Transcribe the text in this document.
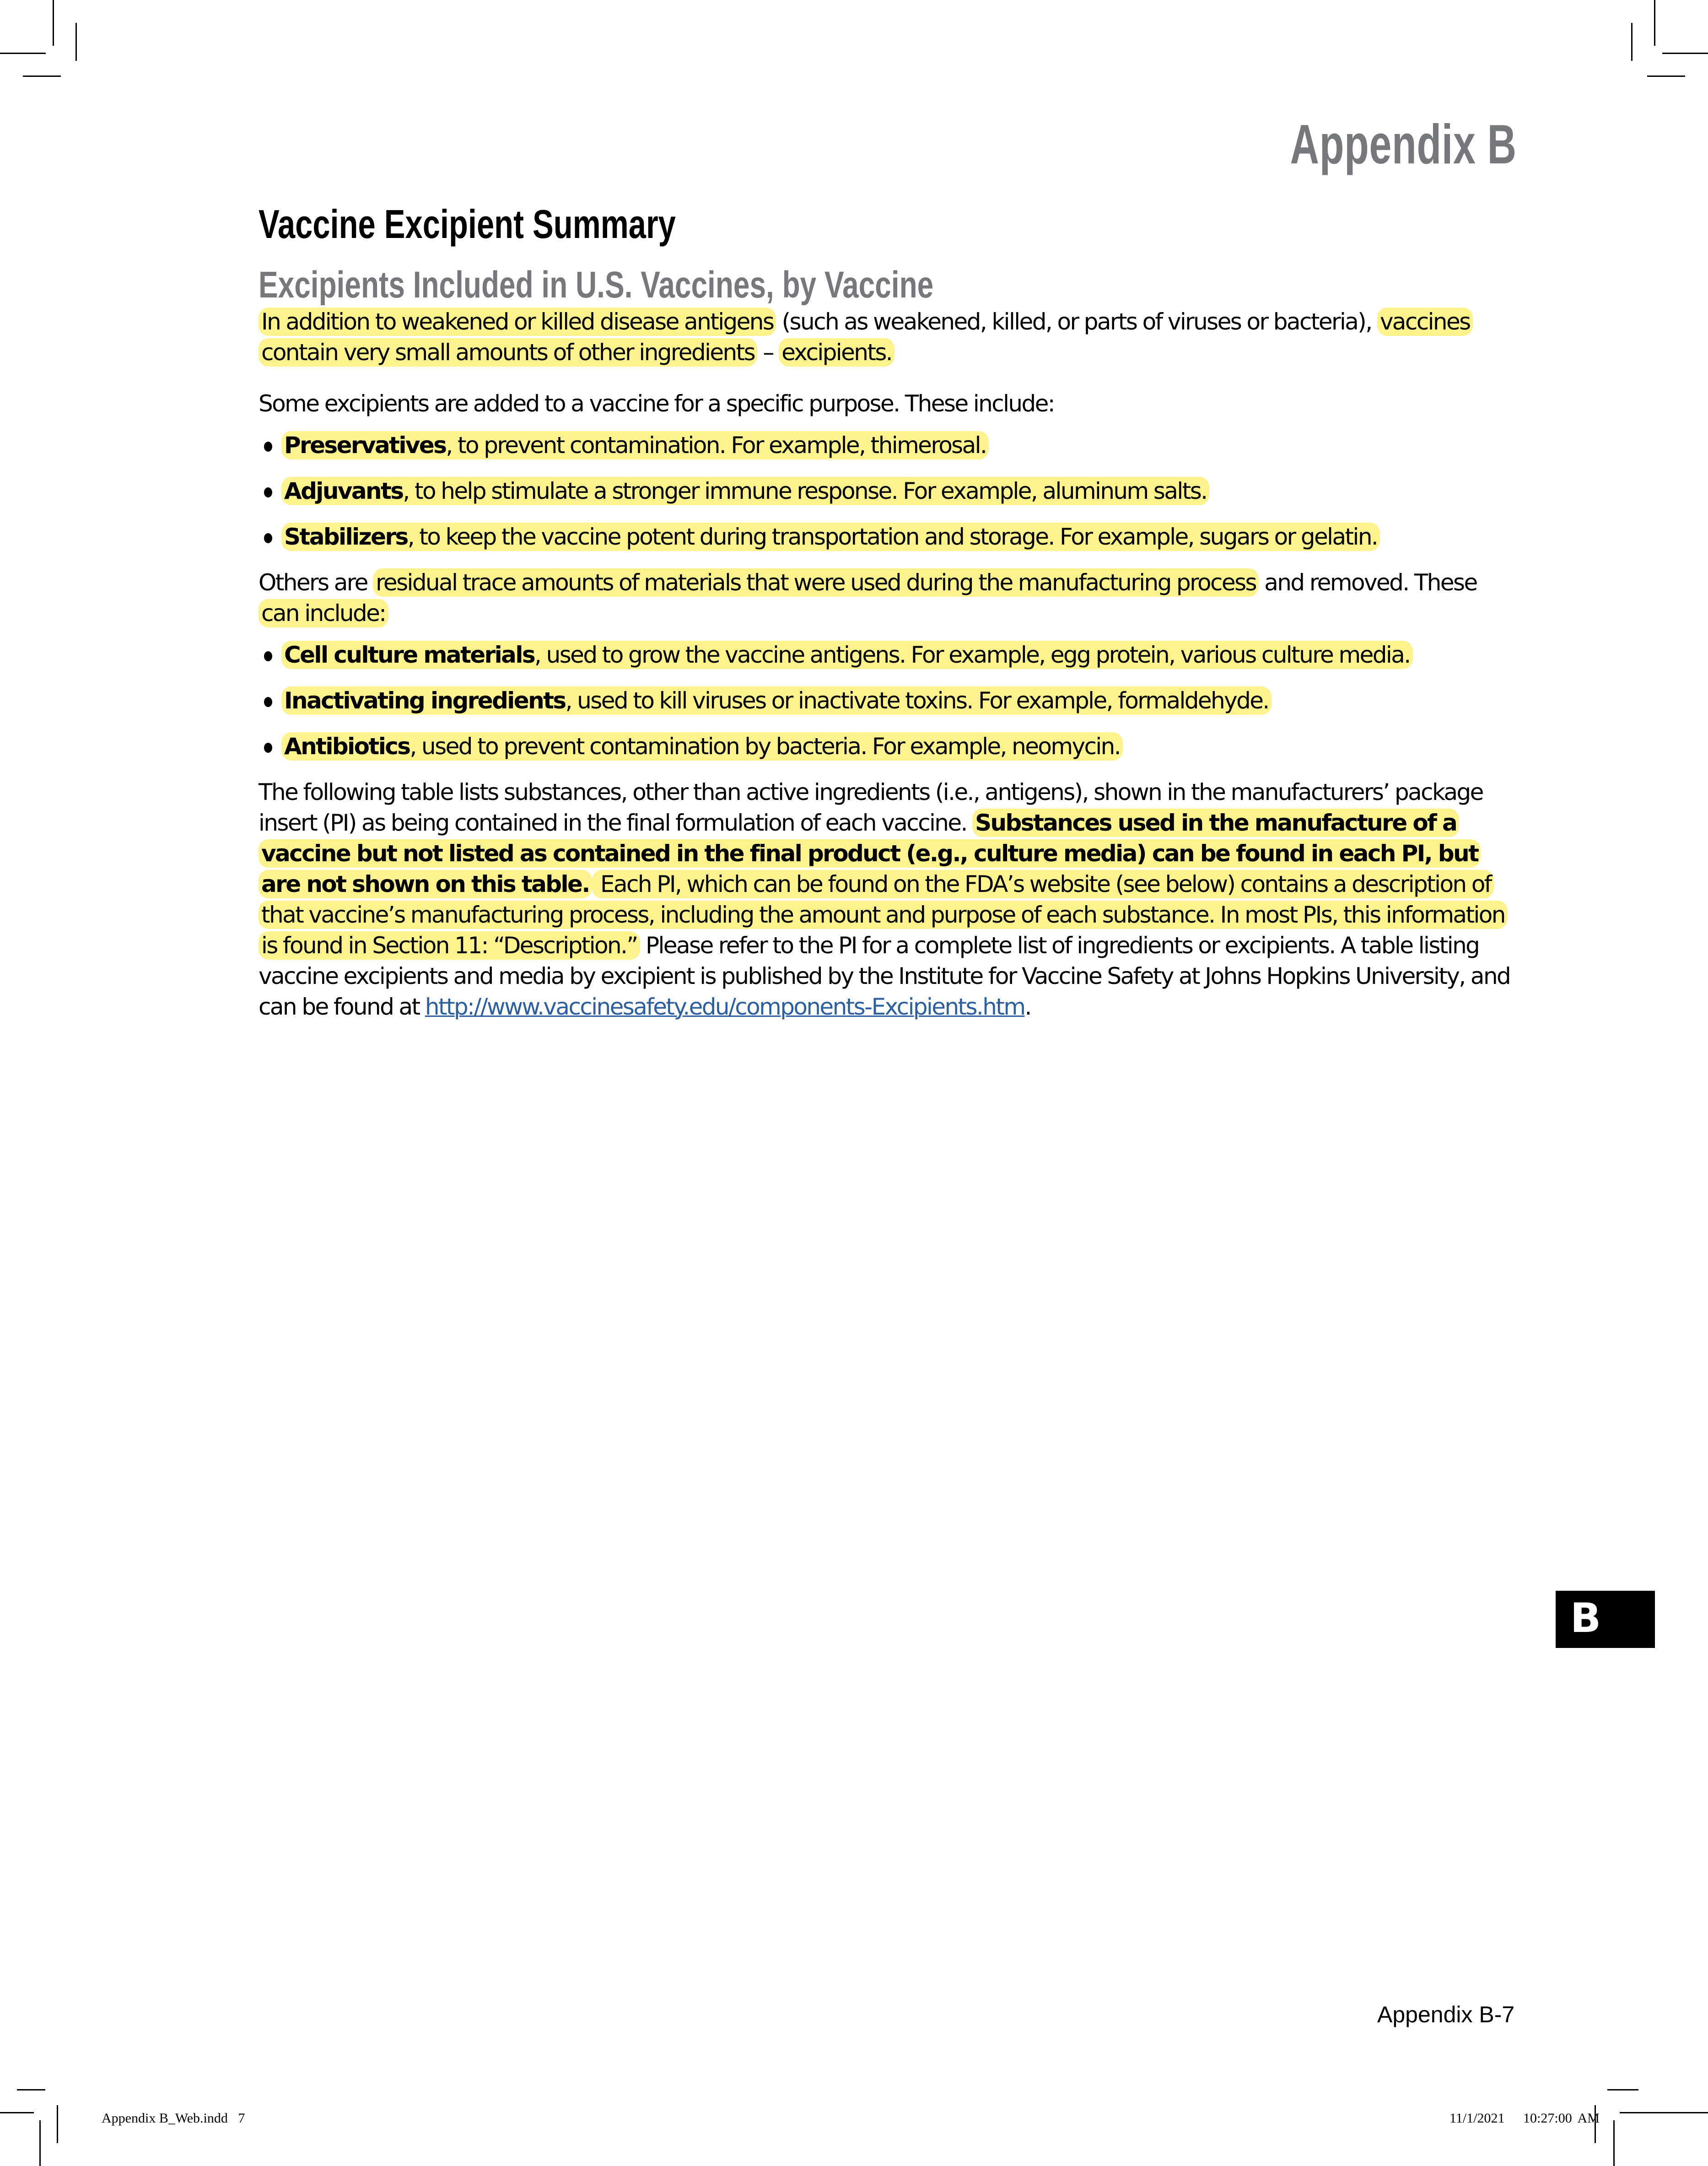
Appendix B
Vaccine Excipient Summary
Excipients Included in U.S. Vaccines, by Vaccine

In addition to weakened or killed disease antigens (such as weakened, killed, or parts of viruses or bacteria), vaccines contain very small amounts of other ingredients – excipients.

Some excipients are added to a vaccine for a specific purpose. These include:

Preservatives, to prevent contamination. For example, thimerosal.
Adjuvants, to help stimulate a stronger immune response. For example, aluminum salts.
Stabilizers, to keep the vaccine potent during transportation and storage. For example, sugars or gelatin.

Others are residual trace amounts of materials that were used during the manufacturing process and removed. These can include:

Cell culture materials, used to grow the vaccine antigens. For example, egg protein, various culture media.
Inactivating ingredients, used to kill viruses or inactivate toxins. For example, formaldehyde.
Antibiotics, used to prevent contamination by bacteria. For example, neomycin.

The following table lists substances, other than active ingredients (i.e., antigens), shown in the manufacturers’ package insert (PI) as being contained in the final formulation of each vaccine. Substances used in the manufacture of a vaccine but not listed as contained in the final product (e.g., culture media) can be found in each PI, but are not shown on this table. Each PI, which can be found on the FDA’s website (see below) contains a description of that vaccine’s manufacturing process, including the amount and purpose of each substance. In most PIs, this information is found in Section 11: “Description.” Please refer to the PI for a complete list of ingredients or excipients. A table listing vaccine excipients and media by excipient is published by the Institute for Vaccine Safety at Johns Hopkins University, and can be found at http://www.vaccinesafety.edu/components-Excipients.htm.

B
Appendix B-7
Appendix B_Web.indd   7	11/1/2021   10:27:00 AM
